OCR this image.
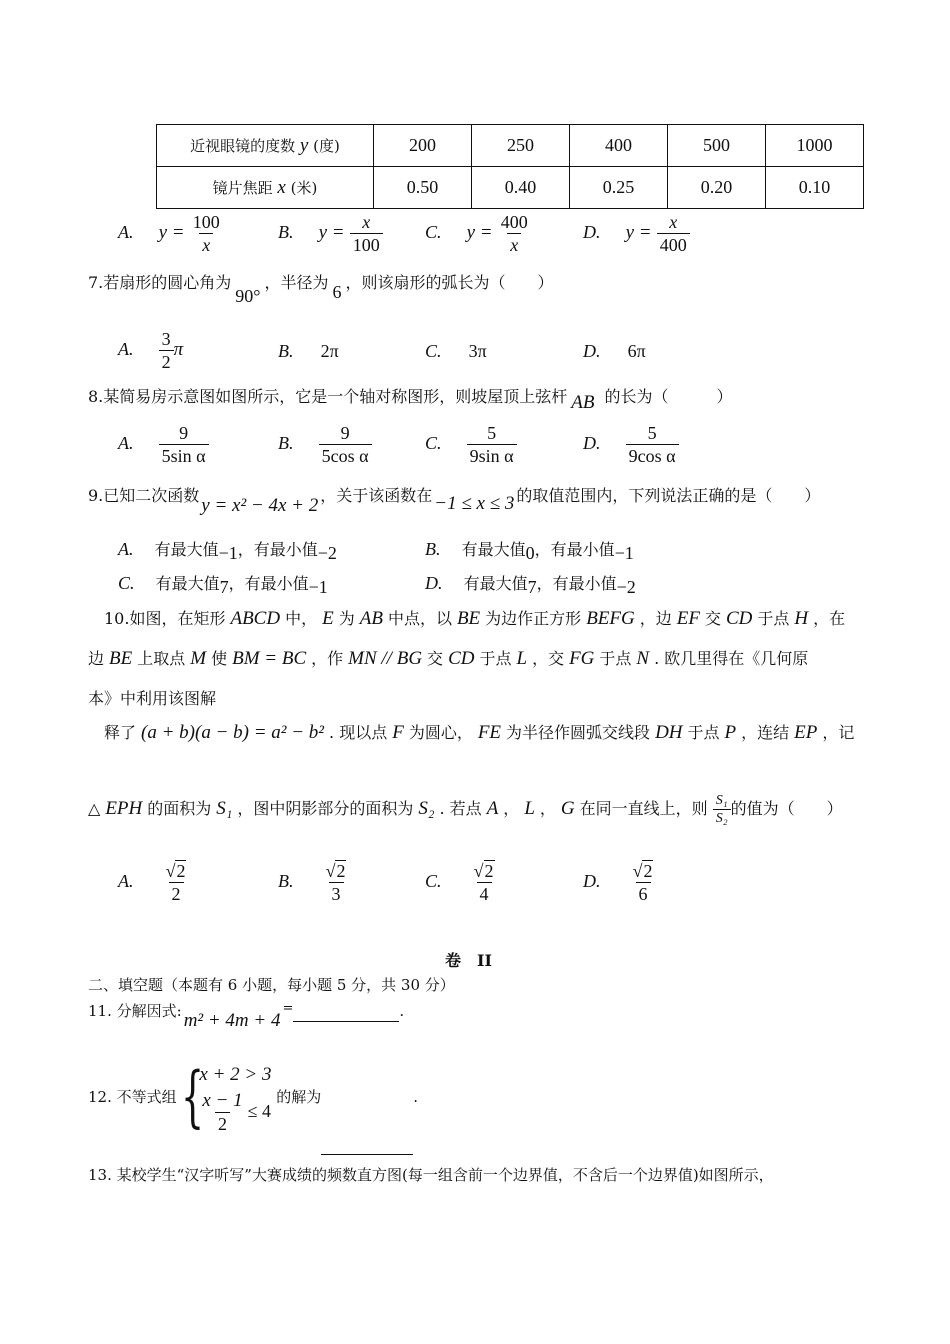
近视眼镜的度数 y (度)	200	250	400	500	1000
镜片焦距 x (米)	0.50	0.40	0.25	0.20	0.10
A. $y = \frac{100}{x}$	B. $y = \frac{x}{100} C$. $y = \frac{400}{x}$	D. $y = \frac{x}{400}$
7.若扇形的圆心角为90°，半径为 6 ，则该扇形的弧长为（　　）
A. $\frac{3}{2}$ π	B. 2π	C. 3π	D. 6π
8.某简易房示意图如图所示，它是一个轴对称图形，则坡屋顶上弦杆 AB 的长为（　　　）
A. $\frac{9}{\text{5sin α}}$	B. $\frac{9}{\text{5cos α}}$	C. $\frac{5}{\text{9sin α}}$	D. $\frac{5}{\text{9cos α}}$
9.已知二次函数 y = x² − 4x + 2 ，关于该函数在 −1 ≤ x ≤ 3 的取值范围内，下列说法正确的是（　　）
A. 有最大值−1，有最小值−2	B. 有最大值0，有最小值−1
C. 有最大值7，有最小值−1	D. 有最大值7，有最小值−2
10.如图，在矩形 ABCD 中， E 为 AB 中点，以 BE 为边作正方形 BEFG ，边 EF 交 CD 于点 H ，在
边 BE 上取点 M 使 BM = BC ，作 MN // BG 交 CD 于点 L ，交 FG 于点 N . 欧几里得在《几何原
本》中利用该图解
释了 (a + b)(a − b) = a² − b² . 现以点 F 为圆心， FE 为半径作圆弧交线段 DH 于点 P ，连结 EP ，记
△ EPH 的面积为 S₁ ，图中阴影部分的面积为 S₂ . 若点 A ， L ， G 在同一直线上，则 $\frac{\text{S₁}}{\text{S₂}}$ 的值为（　　）
A. $\frac{√2}{2}$	B. $\frac{√2}{3}$	C. $\frac{√2}{4}$	D. $\frac{√2}{6}$
卷　II
二、填空题（本题有 6 小题，每小题 5 分，共 30 分）
11. 分解因式: m² + 4m + 4=	.
12. 不等式组 {
x + 2 > 3
$\frac{x - 1}{2} \le 4$
的解为	.
13. 某校学生“汉字听写”大赛成绩的频数直方图(每一组含前一个边界值，不含后一个边界值)如图所示，
